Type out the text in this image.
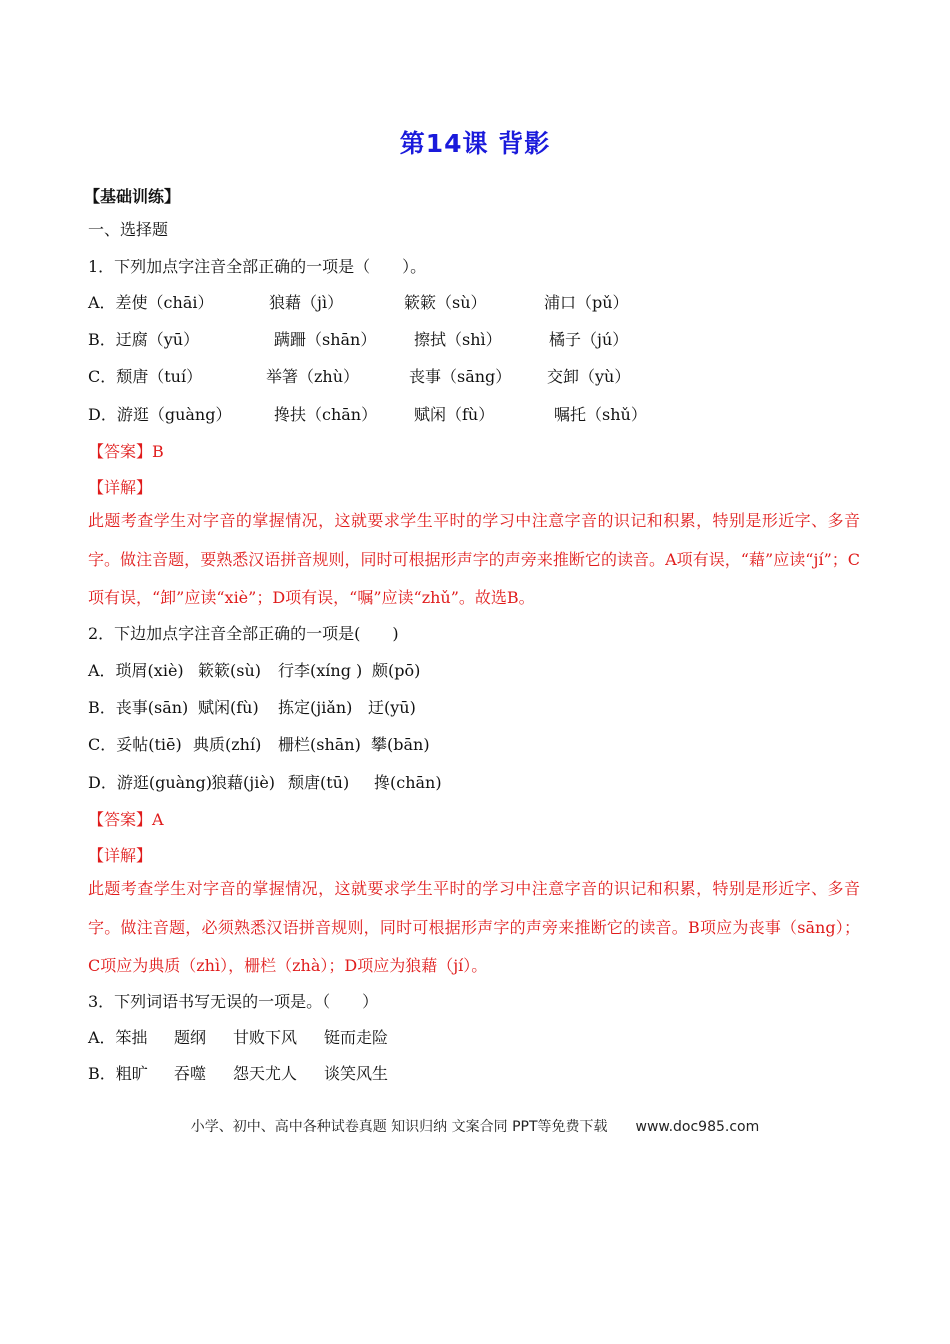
第14课 背影
【基础训练】
一、选择题
1．下列加点字注音全部正确的一项是（　　）。
A．差使（chāi）	狼藉（jì）	簌簌（sù）	浦口（pǔ）
B．迂腐（yū）	蹒跚（shān） 擦拭（shì）	橘子（jú）
C．颓唐（tuí）	举箸（zhù）	丧事（sāng） 交卸（yù）
D．游逛（guàng）	搀扶（chān） 赋闲（fù）	嘱托（shǔ）
【答案】B
【详解】
此题考查学生对字音的掌握情况，这就要求学生平时的学习中注意字音的识记和积累，特别是形近字、多音字。做注音题，要熟悉汉语拼音规则，同时可根据形声字的声旁来推断它的读音。A项有误，“藉”应读“jí”；C项有误，“卸”应读“xiè”；D项有误，“嘱”应读“zhǔ”。故选B。
2．下边加点字注音全部正确的一项是(　　)
A．琐屑(xiè) 簌簌(sù) 行李(xíng ) 颇(pō)
B．丧事(sān) 赋闲(fù) 拣定(jiǎn) 迂(yū)
C．妥帖(tiē) 典质(zhí) 栅栏(shān) 攀(bān)
D．游逛(guàng) 狼藉(jiè) 颓唐(tū) 搀(chān)
【答案】A
【详解】
此题考查学生对字音的掌握情况，这就要求学生平时的学习中注意字音的识记和积累，特别是形近字、多音字。做注音题，必须熟悉汉语拼音规则，同时可根据形声字的声旁来推断它的读音。B项应为丧事（sāng）；C项应为典质（zhì），栅栏（zhà）；D项应为狼藉（jí）。
3．下列词语书写无误的一项是。（　　）
A．笨拙 题纲 甘败下风 铤而走险
B．粗旷 吞噬 怨天尤人 谈笑风生
小学、初中、高中各种试卷真题 知识归纳 文案合同 PPT等免费下载　　www.doc985.com
